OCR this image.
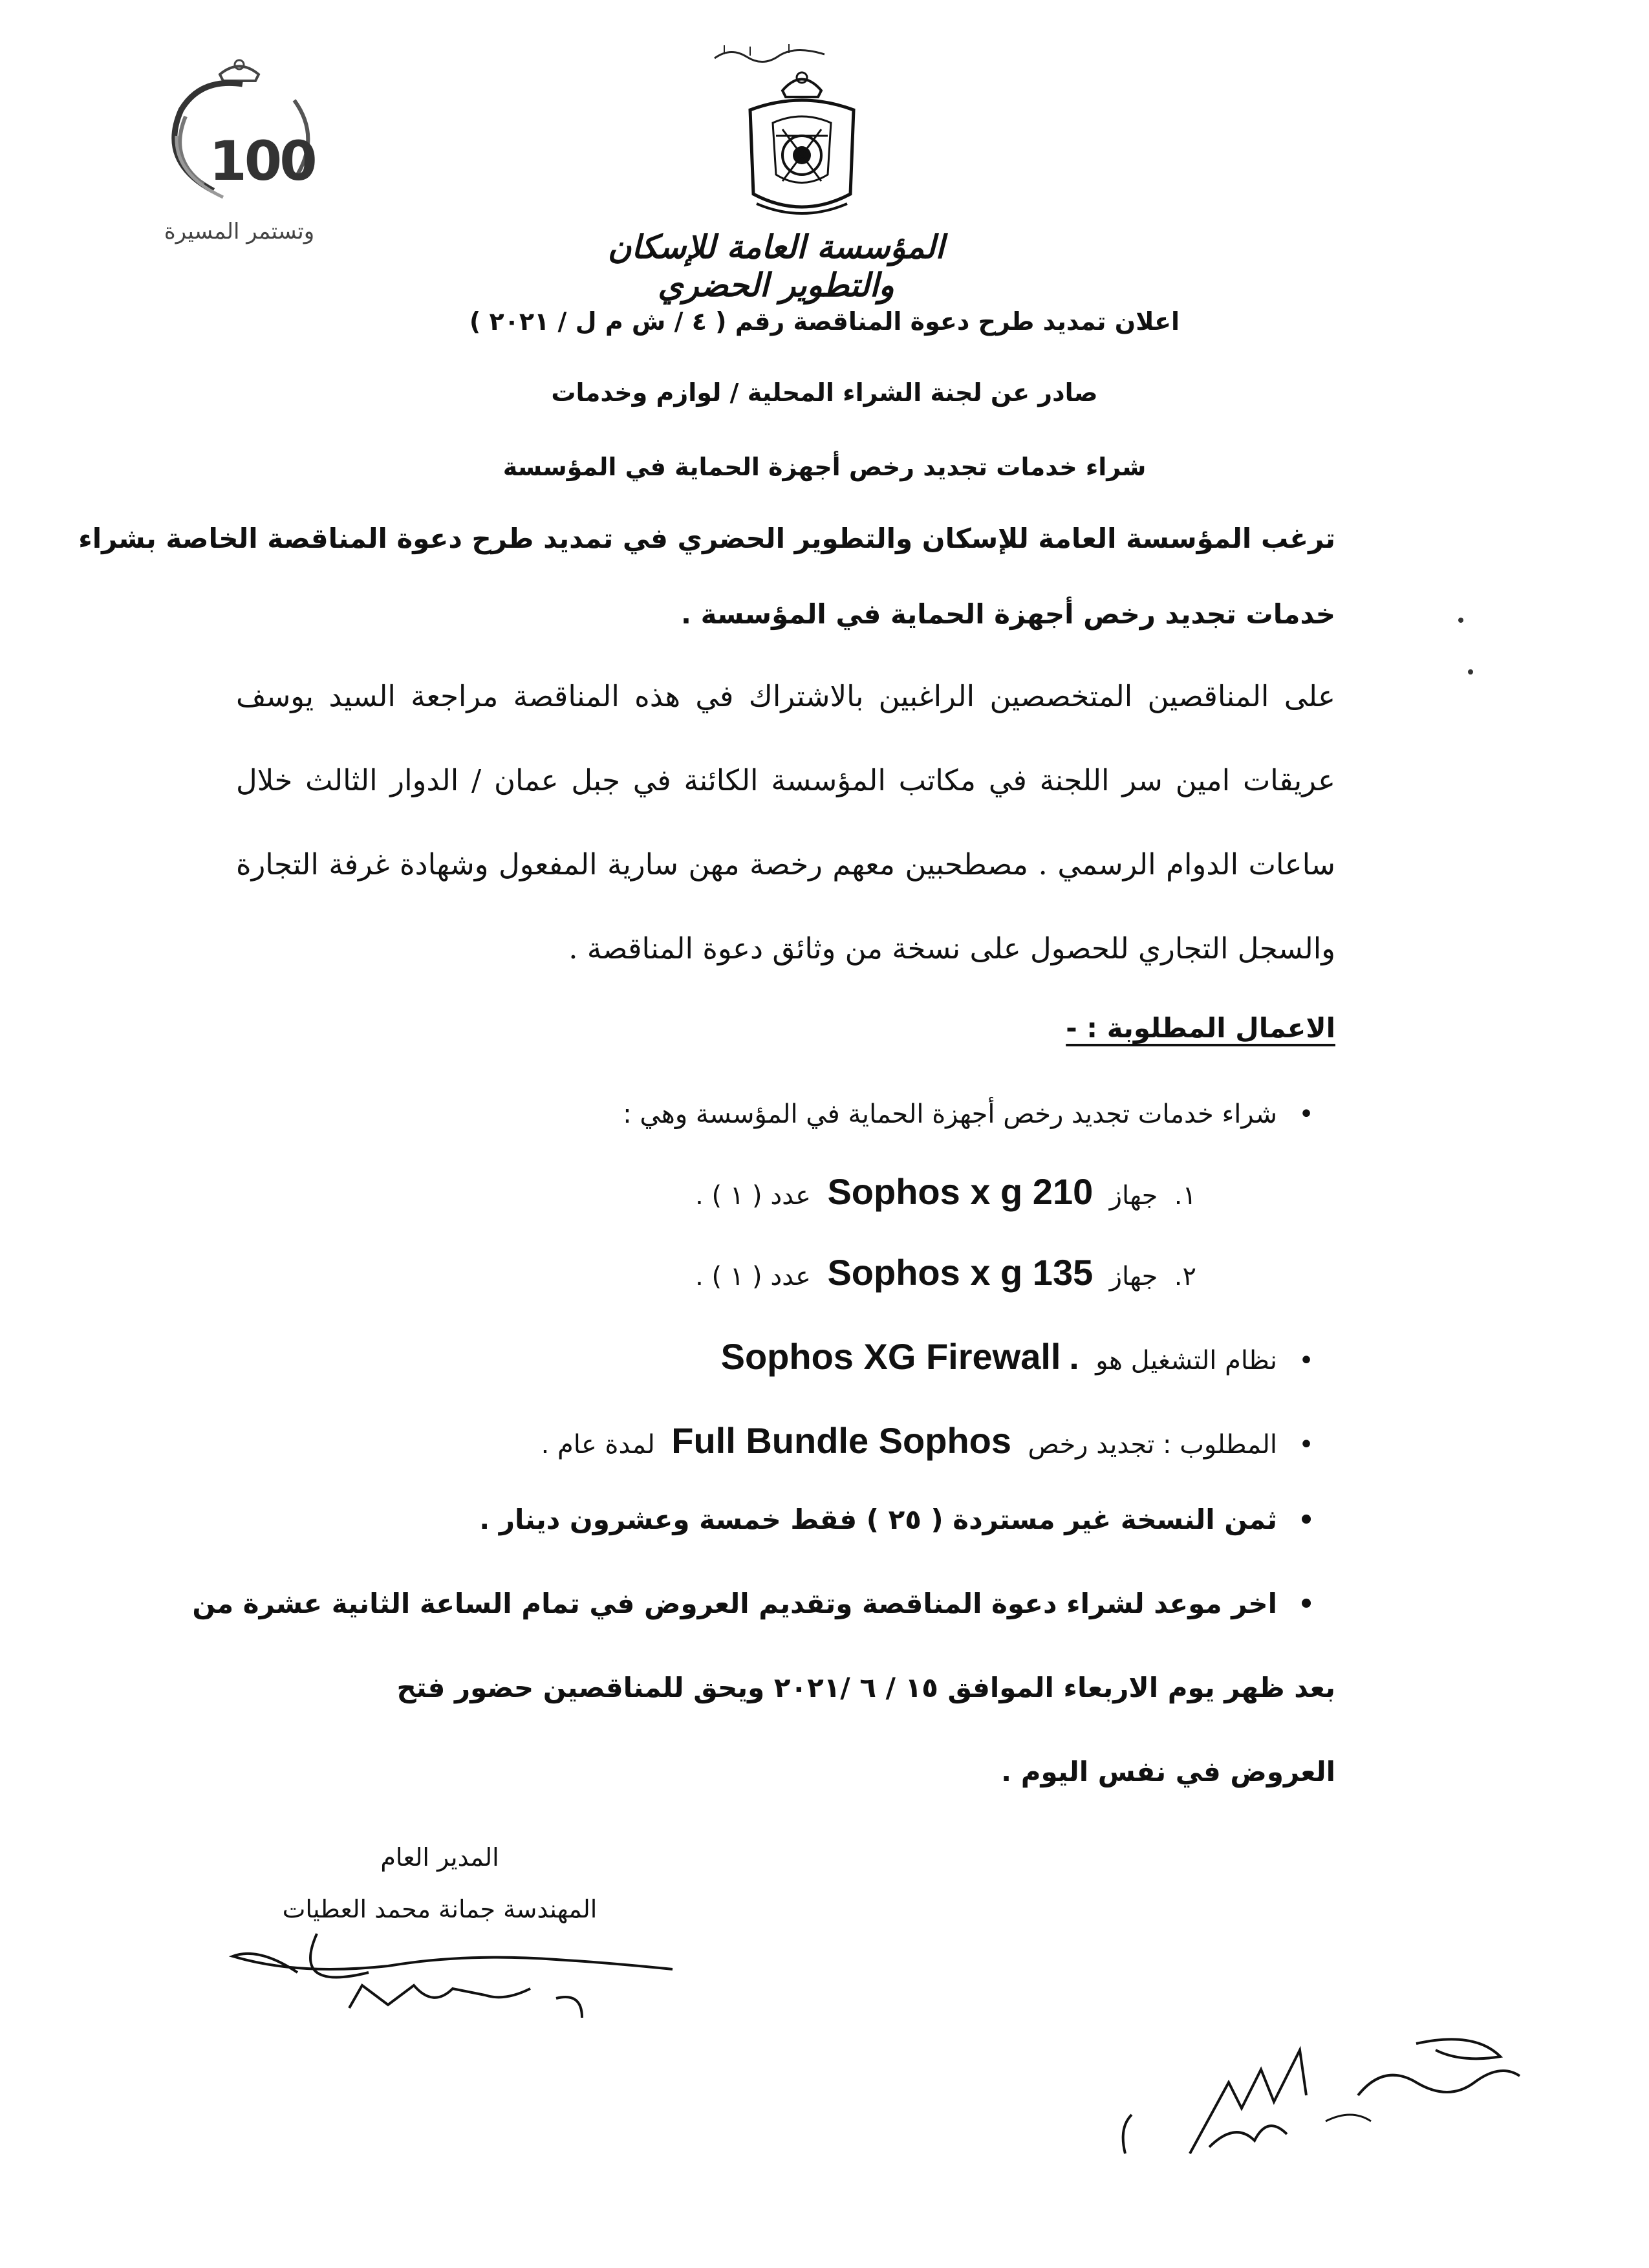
المؤسسة العامة للإسكان والتطوير الحضري
100
وتستمر المسيرة
اعلان تمديد طرح دعوة المناقصة رقم ( ٤ / ش م ل / ٢٠٢١ )
صادر عن لجنة الشراء المحلية / لوازم وخدمات
شراء خدمات تجديد رخص أجهزة الحماية في المؤسسة
ترغب المؤسسة العامة للإسكان والتطوير الحضري في تمديد طرح دعوة المناقصة الخاصة بشراء
خدمات تجديد رخص أجهزة الحماية في المؤسسة .
على المناقصين المتخصصين الراغبين بالاشتراك في هذه المناقصة مراجعة السيد يوسف
عريقات امين سر اللجنة في مكاتب المؤسسة الكائنة في جبل عمان / الدوار الثالث خلال
ساعات الدوام الرسمي . مصطحبين معهم رخصة مهن سارية المفعول وشهادة غرفة التجارة
والسجل التجاري للحصول على نسخة من وثائق دعوة المناقصة .
الاعمال المطلوبة : -
•شراء خدمات تجديد رخص أجهزة الحماية في المؤسسة وهي :
١.  جهاز  Sophos x g 210  عدد ( ١ ) .
٢.  جهاز  Sophos x g 135  عدد ( ١ ) .
•نظام التشغيل هو  Sophos XG Firewall .
•المطلوب : تجديد رخص  Full Bundle Sophos  لمدة عام .
•ثمن النسخة غير مستردة ( ٢٥ ) فقط خمسة وعشرون دينار .
•اخر موعد لشراء دعوة المناقصة وتقديم العروض في تمام الساعة الثانية عشرة من
بعد ظهر يوم الاربعاء الموافق ١٥ / ٦ /٢٠٢١ ويحق للمناقصين حضور فتح
العروض في نفس اليوم .
المدير العام
المهندسة جمانة محمد العطيات
